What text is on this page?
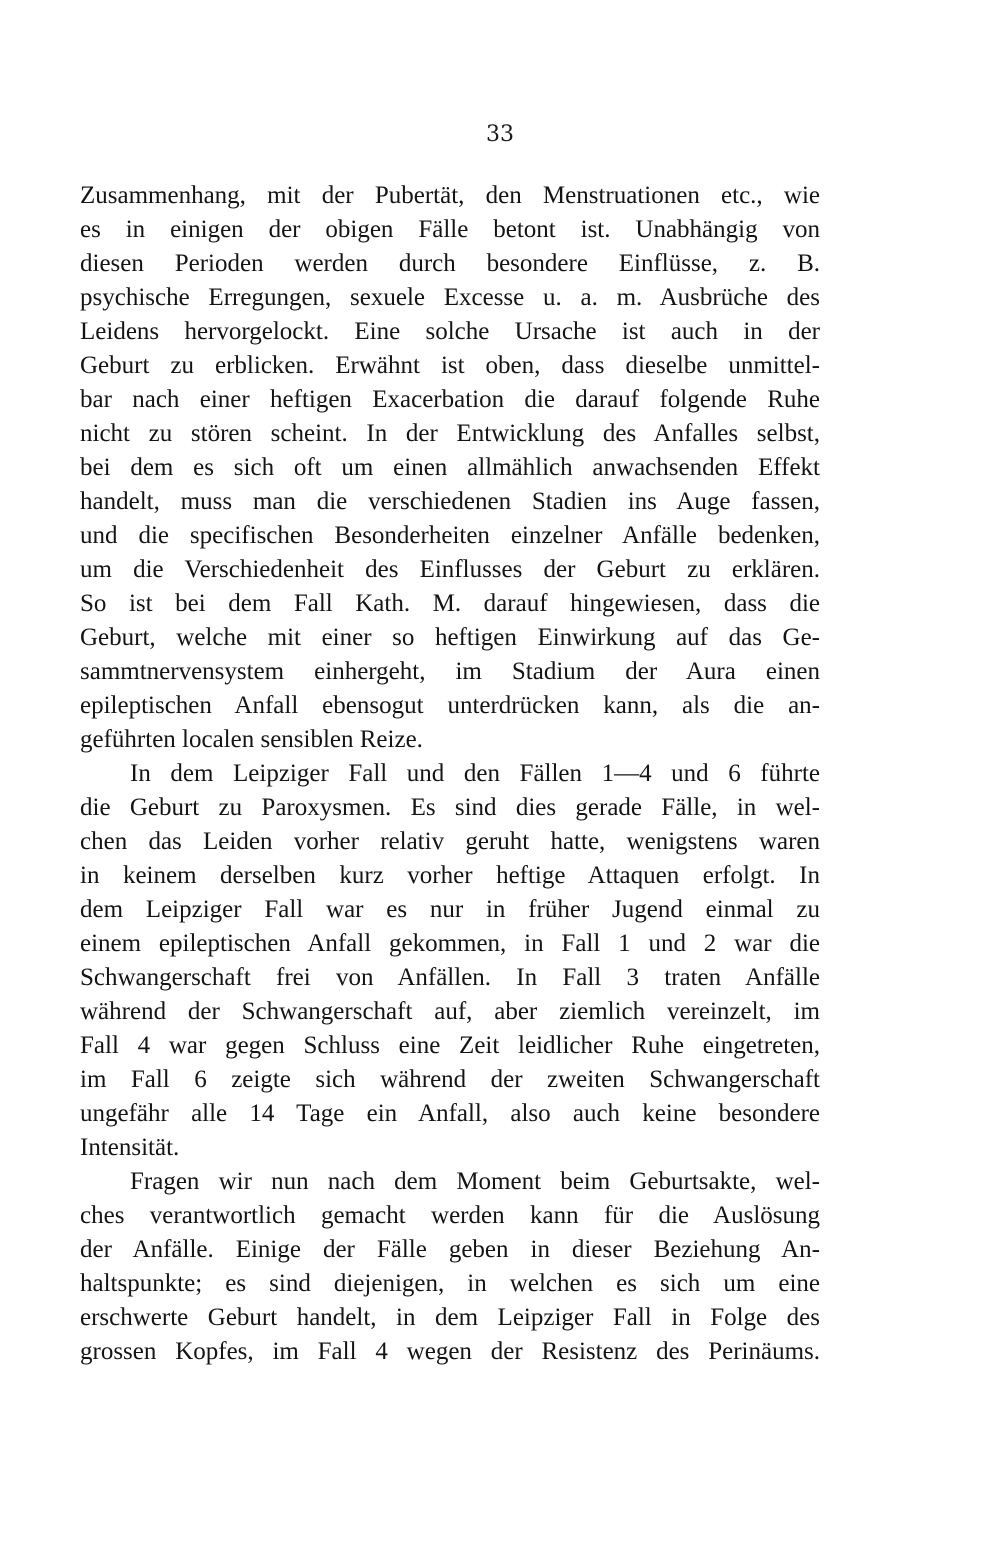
33
Zusammenhang, mit der Pubertät, den Menstruationen etc., wie
es in einigen der obigen Fälle betont ist. Unabhängig von
diesen Perioden werden durch besondere Einflüsse, z. B.
psychische Erregungen, sexuele Excesse u. a. m. Ausbrüche des
Leidens hervorgelockt. Eine solche Ursache ist auch in der
Geburt zu erblicken. Erwähnt ist oben, dass dieselbe unmittel-
bar nach einer heftigen Exacerbation die darauf folgende Ruhe
nicht zu stören scheint. In der Entwicklung des Anfalles selbst,
bei dem es sich oft um einen allmählich anwachsenden Effekt
handelt, muss man die verschiedenen Stadien ins Auge fassen,
und die specifischen Besonderheiten einzelner Anfälle bedenken,
um die Verschiedenheit des Einflusses der Geburt zu erklären.
So ist bei dem Fall Kath. M. darauf hingewiesen, dass die
Geburt, welche mit einer so heftigen Einwirkung auf das Ge-
sammtnervensystem einhergeht, im Stadium der Aura einen
epileptischen Anfall ebensogut unterdrücken kann, als die an-
geführten localen sensiblen Reize.
In dem Leipziger Fall und den Fällen 1—4 und 6 führte
die Geburt zu Paroxysmen. Es sind dies gerade Fälle, in wel-
chen das Leiden vorher relativ geruht hatte, wenigstens waren
in keinem derselben kurz vorher heftige Attaquen erfolgt. In
dem Leipziger Fall war es nur in früher Jugend einmal zu
einem epileptischen Anfall gekommen, in Fall 1 und 2 war die
Schwangerschaft frei von Anfällen. In Fall 3 traten Anfälle
während der Schwangerschaft auf, aber ziemlich vereinzelt, im
Fall 4 war gegen Schluss eine Zeit leidlicher Ruhe eingetreten,
im Fall 6 zeigte sich während der zweiten Schwangerschaft
ungefähr alle 14 Tage ein Anfall, also auch keine besondere
Intensität.
Fragen wir nun nach dem Moment beim Geburtsakte, wel-
ches verantwortlich gemacht werden kann für die Auslösung
der Anfälle. Einige der Fälle geben in dieser Beziehung An-
haltspunkte; es sind diejenigen, in welchen es sich um eine
erschwerte Geburt handelt, in dem Leipziger Fall in Folge des
grossen Kopfes, im Fall 4 wegen der Resistenz des Perinäums.
